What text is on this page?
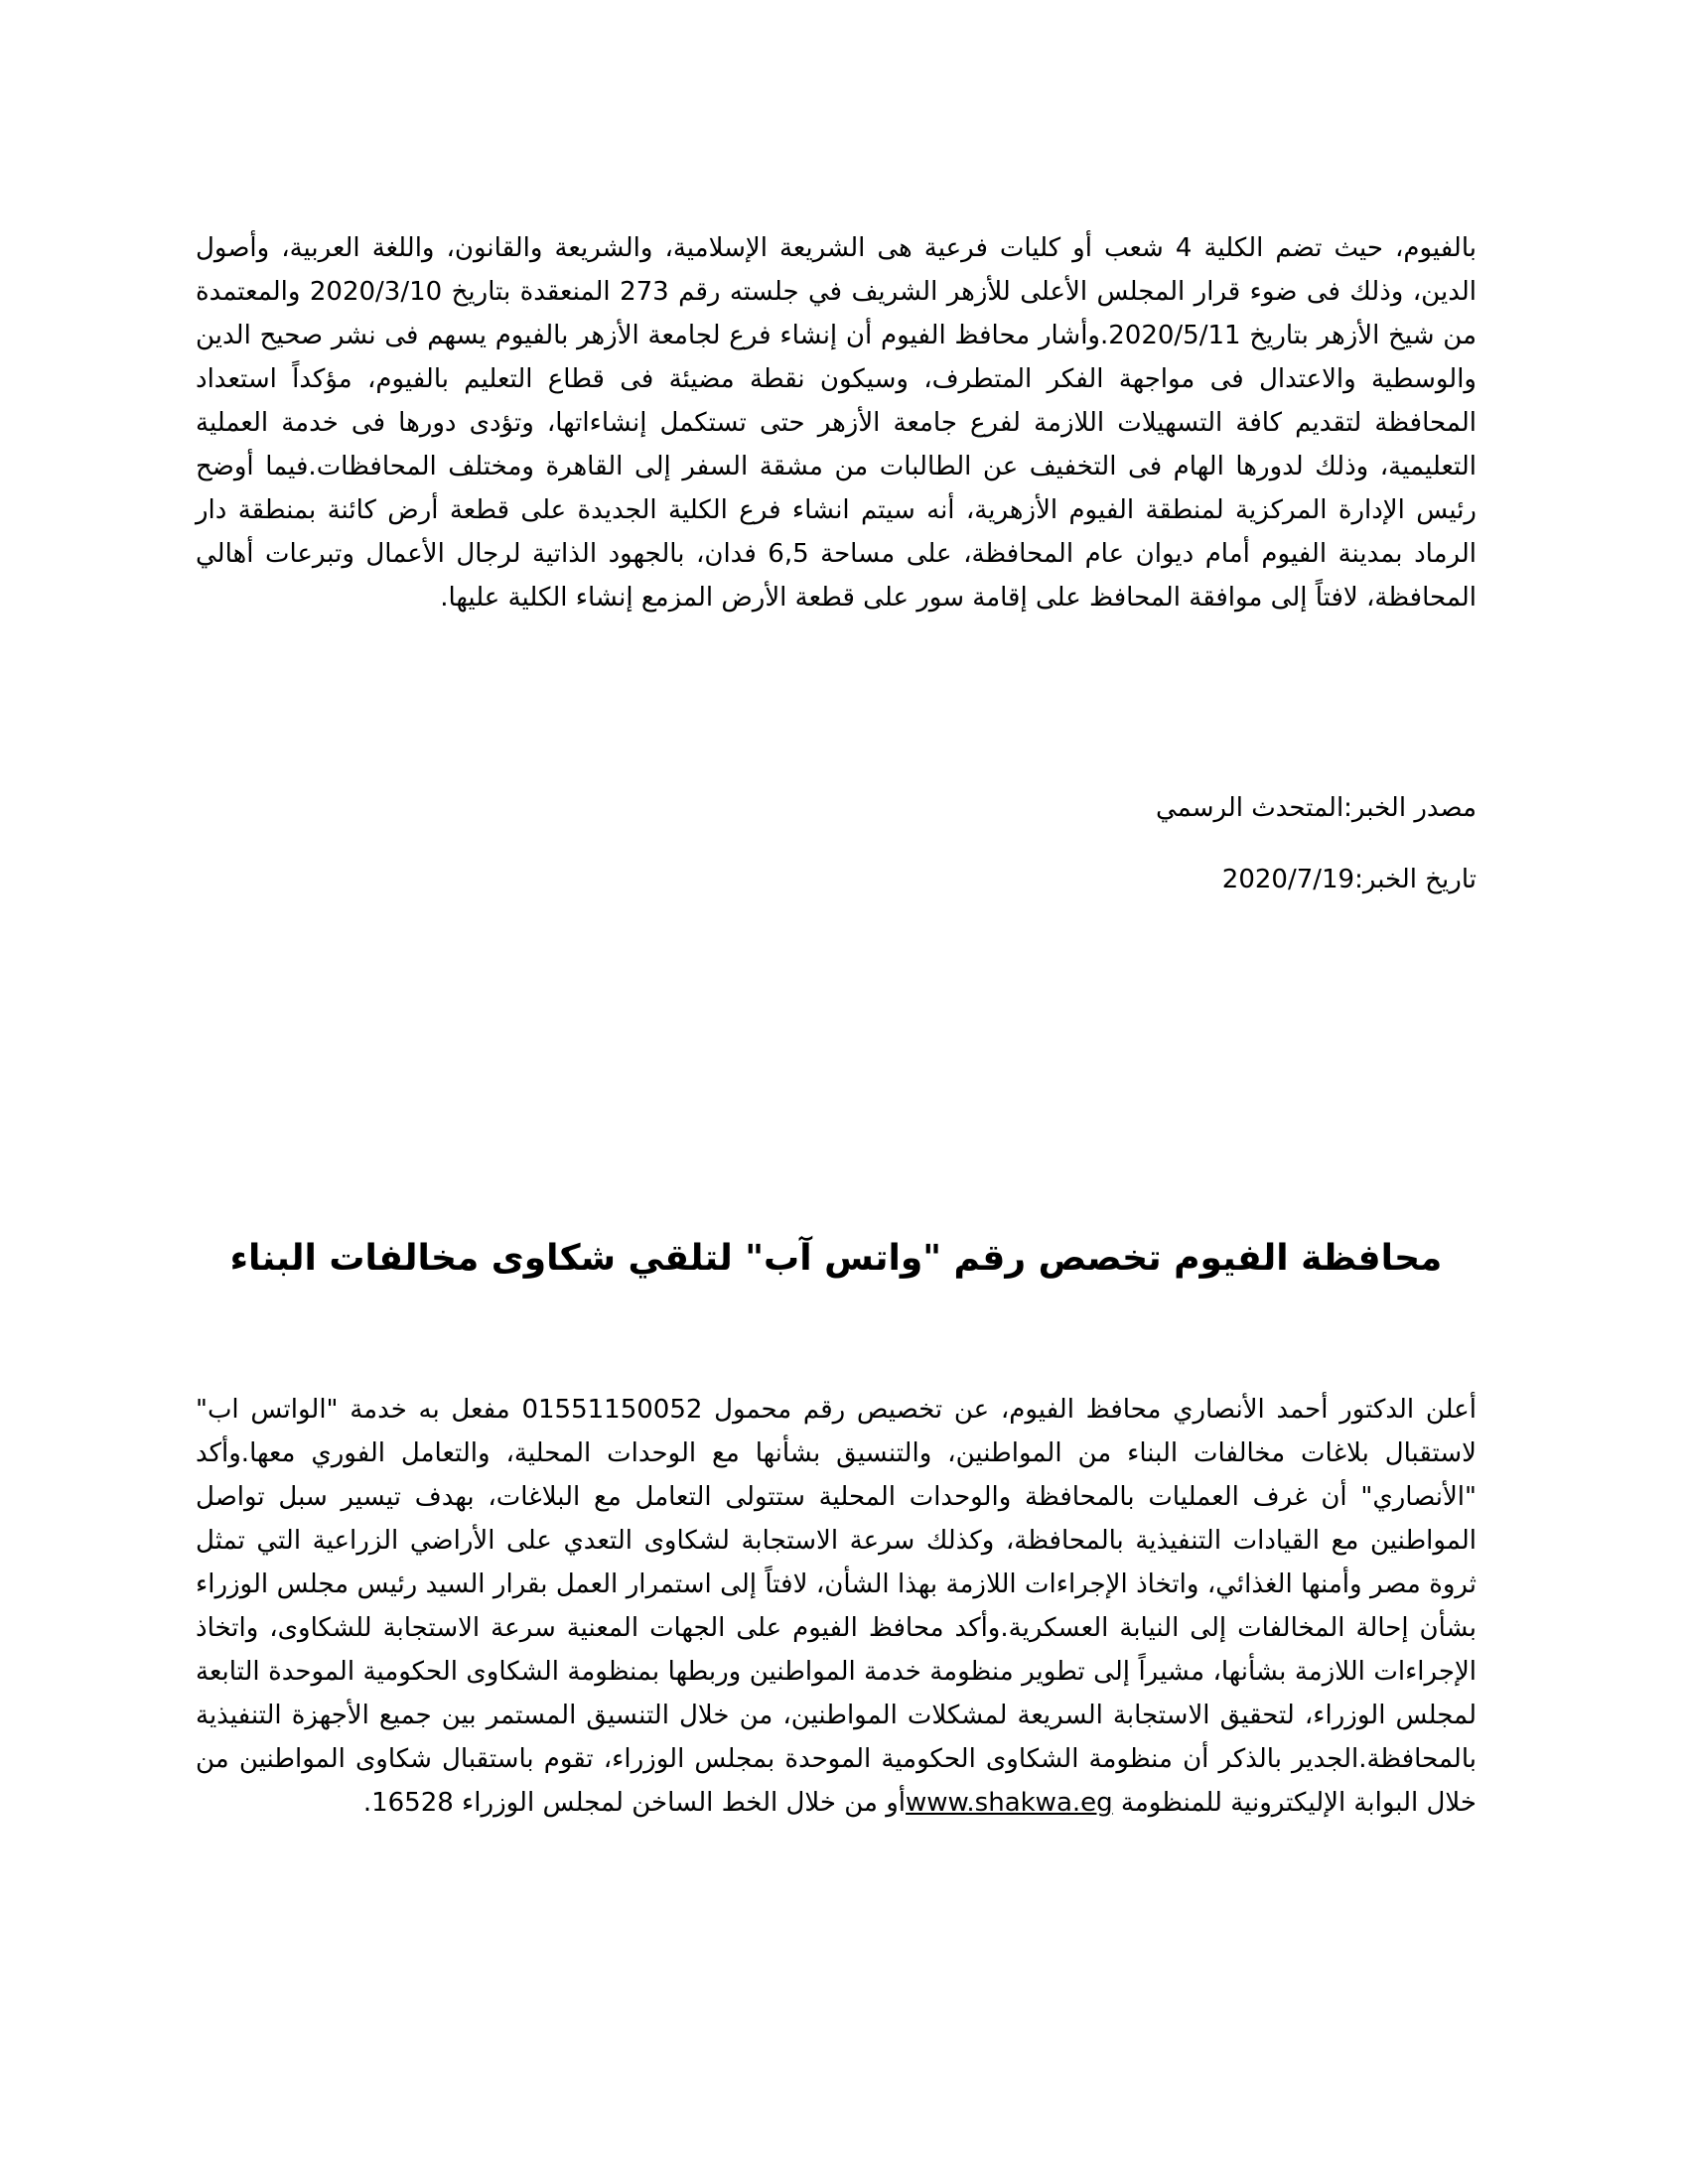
بالفيوم، حيث تضم الكلية 4 شعب أو كليات فرعية هى الشريعة الإسلامية، والشريعة والقانون، واللغة العربية، وأصول الدين، وذلك فى ضوء قرار المجلس الأعلى للأزهر الشريف في جلسته رقم 273 المنعقدة بتاريخ 2020/3/10 والمعتمدة من شيخ الأزهر بتاريخ 2020/5/11.وأشار محافظ الفيوم أن إنشاء فرع لجامعة الأزهر بالفيوم يسهم فى نشر صحيح الدين والوسطية والاعتدال فى مواجهة الفكر المتطرف، وسيكون نقطة مضيئة فى قطاع التعليم بالفيوم، مؤكداً استعداد المحافظة لتقديم كافة التسهيلات اللازمة لفرع جامعة الأزهر حتى تستكمل إنشاءاتها، وتؤدى دورها فى خدمة العملية التعليمية، وذلك لدورها الهام فى التخفيف عن الطالبات من مشقة السفر إلى القاهرة ومختلف المحافظات.فيما أوضح رئيس الإدارة المركزية لمنطقة الفيوم الأزهرية، أنه سيتم انشاء فرع الكلية الجديدة على قطعة أرض كائنة بمنطقة دار الرماد بمدينة الفيوم أمام ديوان عام المحافظة، على مساحة 6,5 فدان، بالجهود الذاتية لرجال الأعمال وتبرعات أهالي المحافظة، لافتاً إلى موافقة المحافظ على إقامة سور على قطعة الأرض المزمع إنشاء الكلية عليها.

مصدر الخبر:المتحدث الرسمي
تاريخ الخبر:2020/7/19
محافظة الفيوم تخصص رقم "واتس آب" لتلقي شكاوى مخالفات البناء

أعلن الدكتور أحمد الأنصاري محافظ الفيوم، عن تخصيص رقم محمول 01551150052 مفعل به خدمة "الواتس اب" لاستقبال بلاغات مخالفات البناء من المواطنين، والتنسيق بشأنها مع الوحدات المحلية، والتعامل الفوري معها.وأكد "الأنصاري" أن غرف العمليات بالمحافظة والوحدات المحلية ستتولى التعامل مع البلاغات، بهدف تيسير سبل تواصل المواطنين مع القيادات التنفيذية بالمحافظة، وكذلك سرعة الاستجابة لشكاوى التعدي على الأراضي الزراعية التي تمثل ثروة مصر وأمنها الغذائي، واتخاذ الإجراءات اللازمة بهذا الشأن، لافتاً إلى استمرار العمل بقرار السيد رئيس مجلس الوزراء بشأن إحالة المخالفات إلى النيابة العسكرية.وأكد محافظ الفيوم على الجهات المعنية سرعة الاستجابة للشكاوى، واتخاذ الإجراءات اللازمة بشأنها، مشيراً إلى تطوير منظومة خدمة المواطنين وربطها بمنظومة الشكاوى الحكومية الموحدة التابعة لمجلس الوزراء، لتحقيق الاستجابة السريعة لمشكلات المواطنين، من خلال التنسيق المستمر بين جميع الأجهزة التنفيذية بالمحافظة.الجدير بالذكر أن منظومة الشكاوى الحكومية الموحدة بمجلس الوزراء، تقوم باستقبال شكاوى المواطنين من خلال البوابة الإليكترونية للمنظومة www.shakwa.egأو من خلال الخط الساخن لمجلس الوزراء 16528.
